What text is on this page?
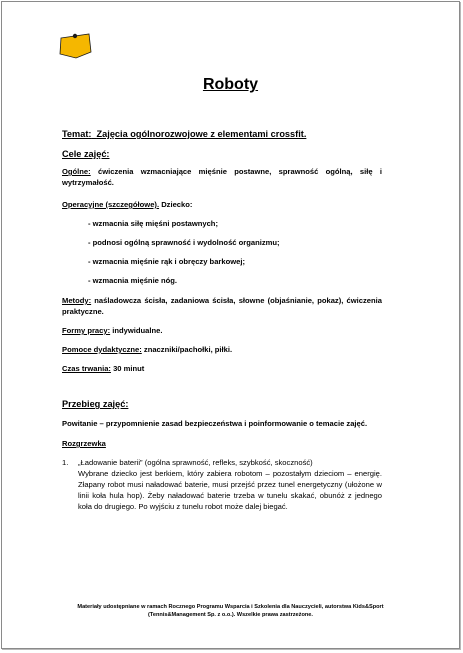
Roboty
Temat: Zajęcia ogólnorozwojowe z elementami crossfit.
Cele zajęć:
Ogólne: ćwiczenia wzmacniające mięśnie postawne, sprawność ogólną, siłę i wytrzymałość.
Operacyjne (szczegółowe). Dziecko:
- wzmacnia siłę mięśni postawnych;
- podnosi ogólną sprawność i wydolność organizmu;
- wzmacnia mięśnie rąk i obręczy barkowej;
- wzmacnia mięśnie nóg.
Metody: naśladowcza ścisła, zadaniowa ścisła, słowne (objaśnianie, pokaz), ćwiczenia praktyczne.
Formy pracy: indywidualne.
Pomoce dydaktyczne: znaczniki/pachołki, piłki.
Czas trwania: 30 minut
Przebieg zajęć:
Powitanie – przypomnienie zasad bezpieczeństwa i poinformowanie o temacie zajęć.
Rozgrzewka
1. „Ładowanie baterii” (ogólna sprawność, refleks, szybkość, skoczność)
Wybrane dziecko jest berkiem, który zabiera robotom – pozostałym dzieciom – energię. Złapany robot musi naładować baterie, musi przejść przez tunel energetyczny (ułożone w linii koła hula hop). Żeby naładować baterie trzeba w tunelu skakać, obunóż z jednego koła do drugiego. Po wyjściu z tunelu robot może dalej biegać.
Materiały udostępniane w ramach Rocznego Programu Wsparcia i Szkolenia dla Nauczycieli, autorstwa Kids&Sport
(Tennis&Management Sp. z o.o.). Wszelkie prawa zastrzeżone.
